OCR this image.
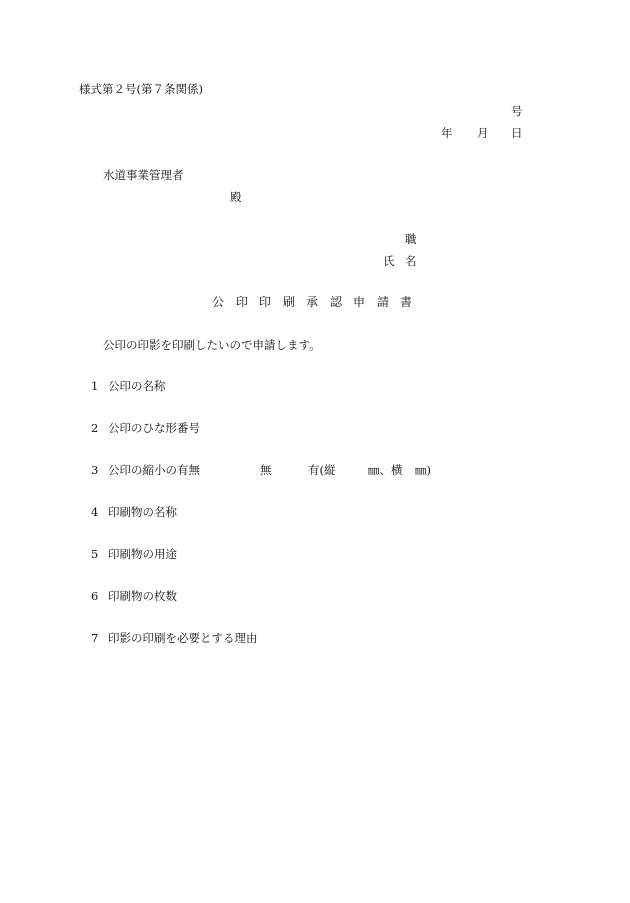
様式第２号(第７条関係)
号
年 月 日
水道事業管理者
殿
職
氏 名
公 印 印 刷 承 認 申 請 書
公印の印影を印刷したいので申請します。
1 公印の名称
2 公印のひな形番号
3 公印の縮小の有無	無	有(縦	㎜、横 ㎜)
4 印刷物の名称
5 印刷物の用途
6 印刷物の枚数
7 印影の印刷を必要とする理由
